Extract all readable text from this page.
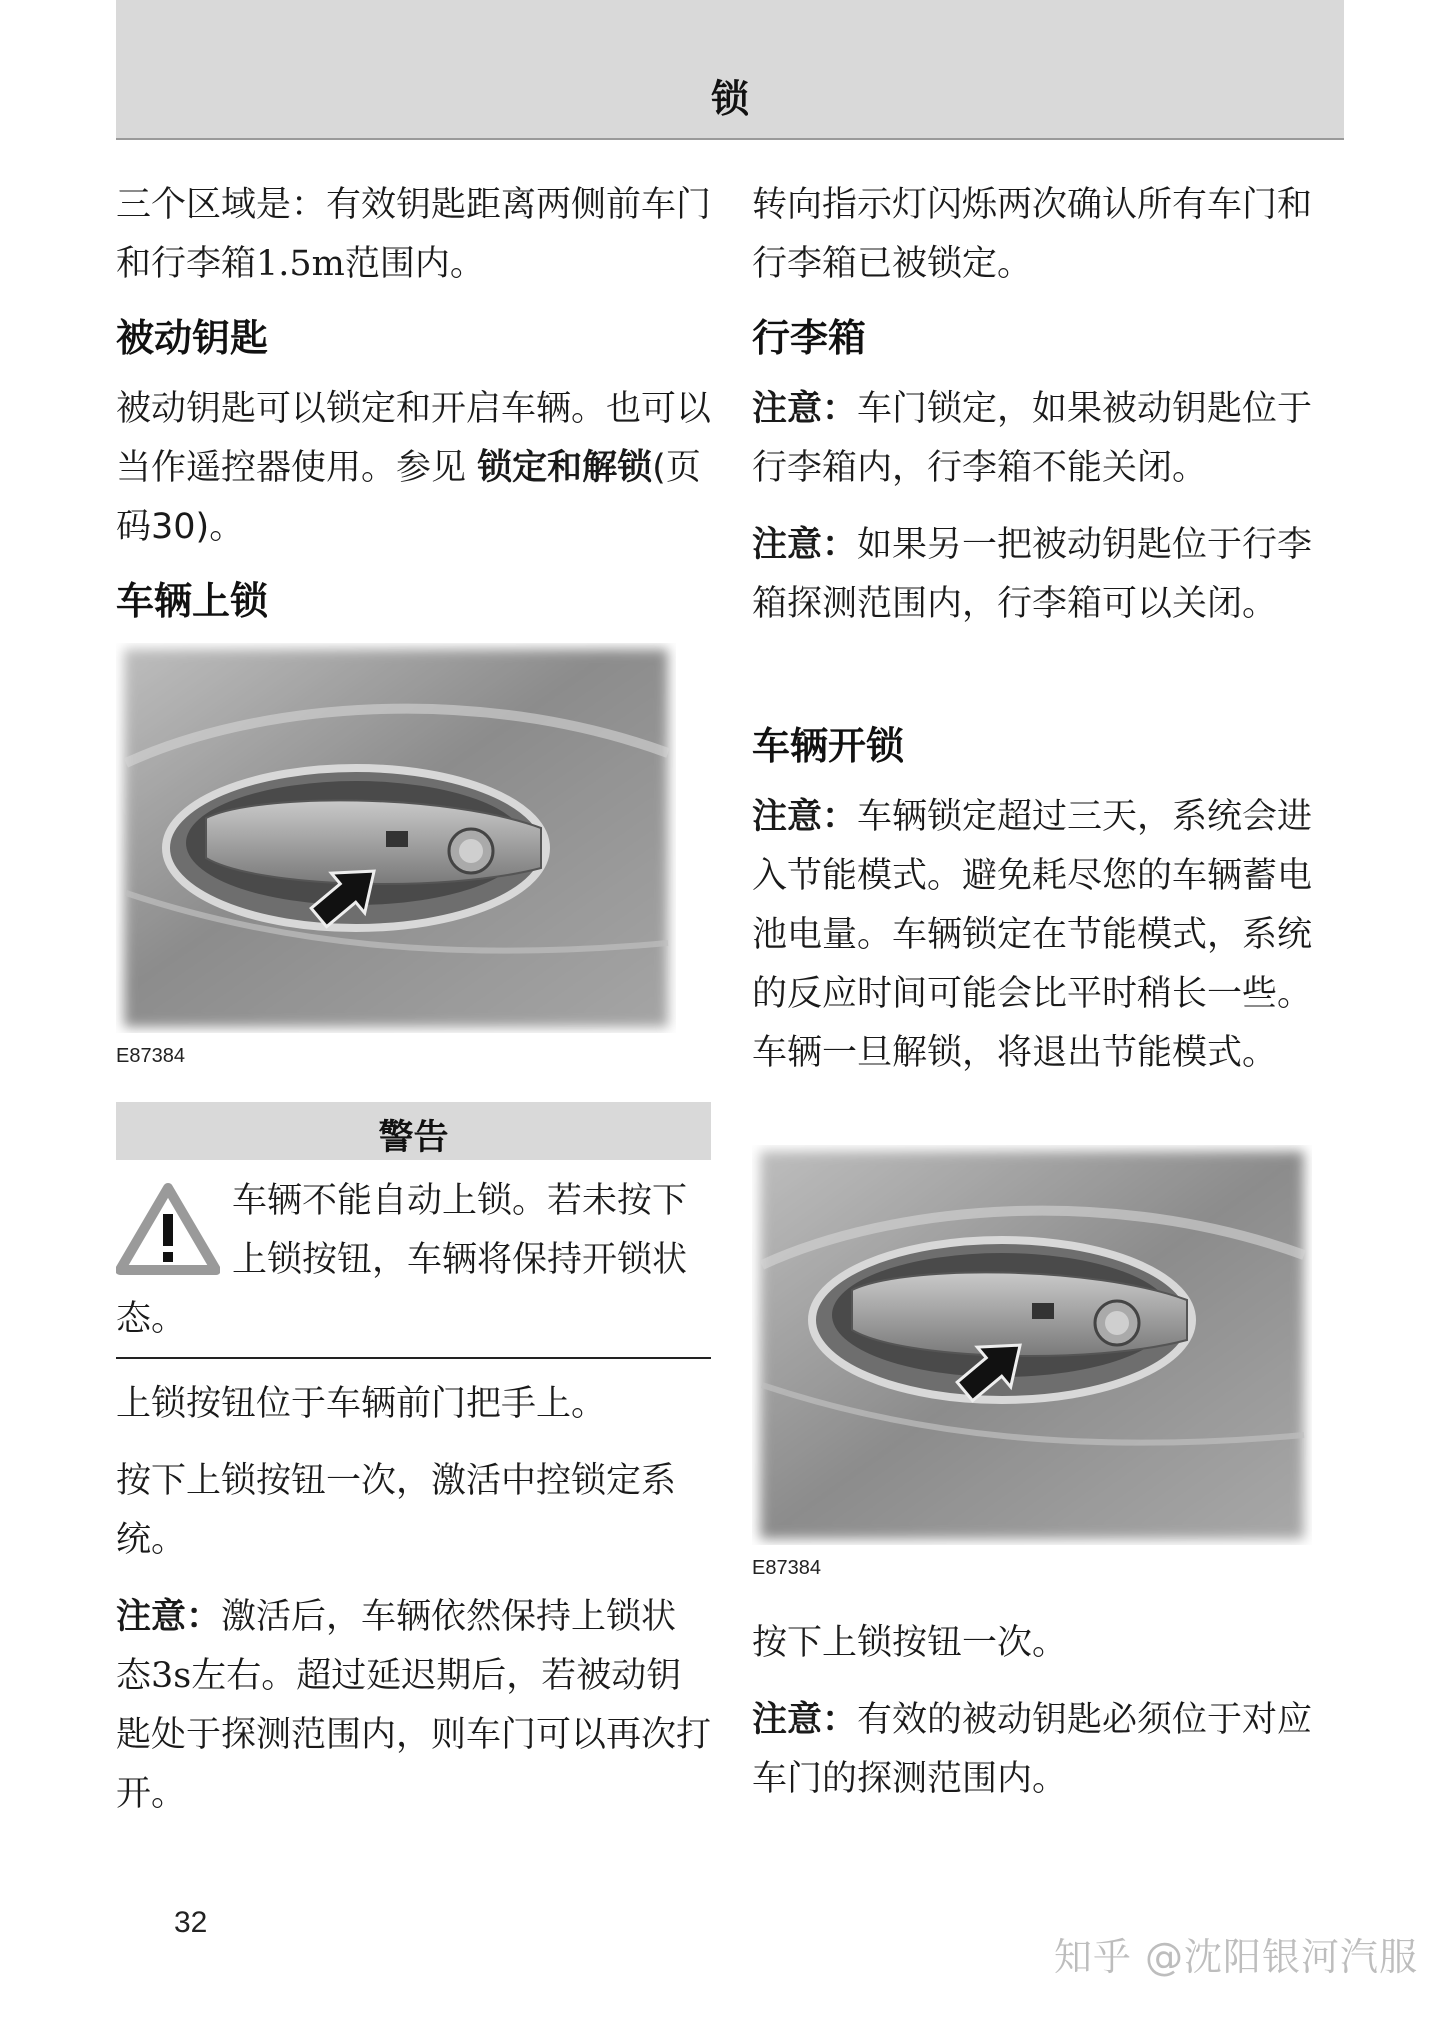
锁

三个区域是：有效钥匙距离两侧前车门和行李箱1.5m范围内。

被动钥匙

被动钥匙可以锁定和开启车辆。也可以当作遥控器使用。参见 锁定和解锁(页码30)。

车辆上锁
E87384
警告

车辆不能自动上锁。若未按下上锁按钮，车辆将保持开锁状态。

上锁按钮位于车辆前门把手上。

按下上锁按钮一次，激活中控锁定系统。

注意：激活后，车辆依然保持上锁状态3s左右。超过延迟期后，若被动钥匙处于探测范围内，则车门可以再次打开。

转向指示灯闪烁两次确认所有车门和行李箱已被锁定。

行李箱

注意：车门锁定，如果被动钥匙位于行李箱内，行李箱不能关闭。

注意：如果另一把被动钥匙位于行李箱探测范围内，行李箱可以关闭。

车辆开锁

注意：车辆锁定超过三天，系统会进入节能模式。避免耗尽您的车辆蓄电池电量。车辆锁定在节能模式，系统的反应时间可能会比平时稍长一些。车辆一旦解锁，将退出节能模式。

E87384

按下上锁按钮一次。

注意：有效的被动钥匙必须位于对应车门的探测范围内。

32
知乎 @沈阳银河汽服
